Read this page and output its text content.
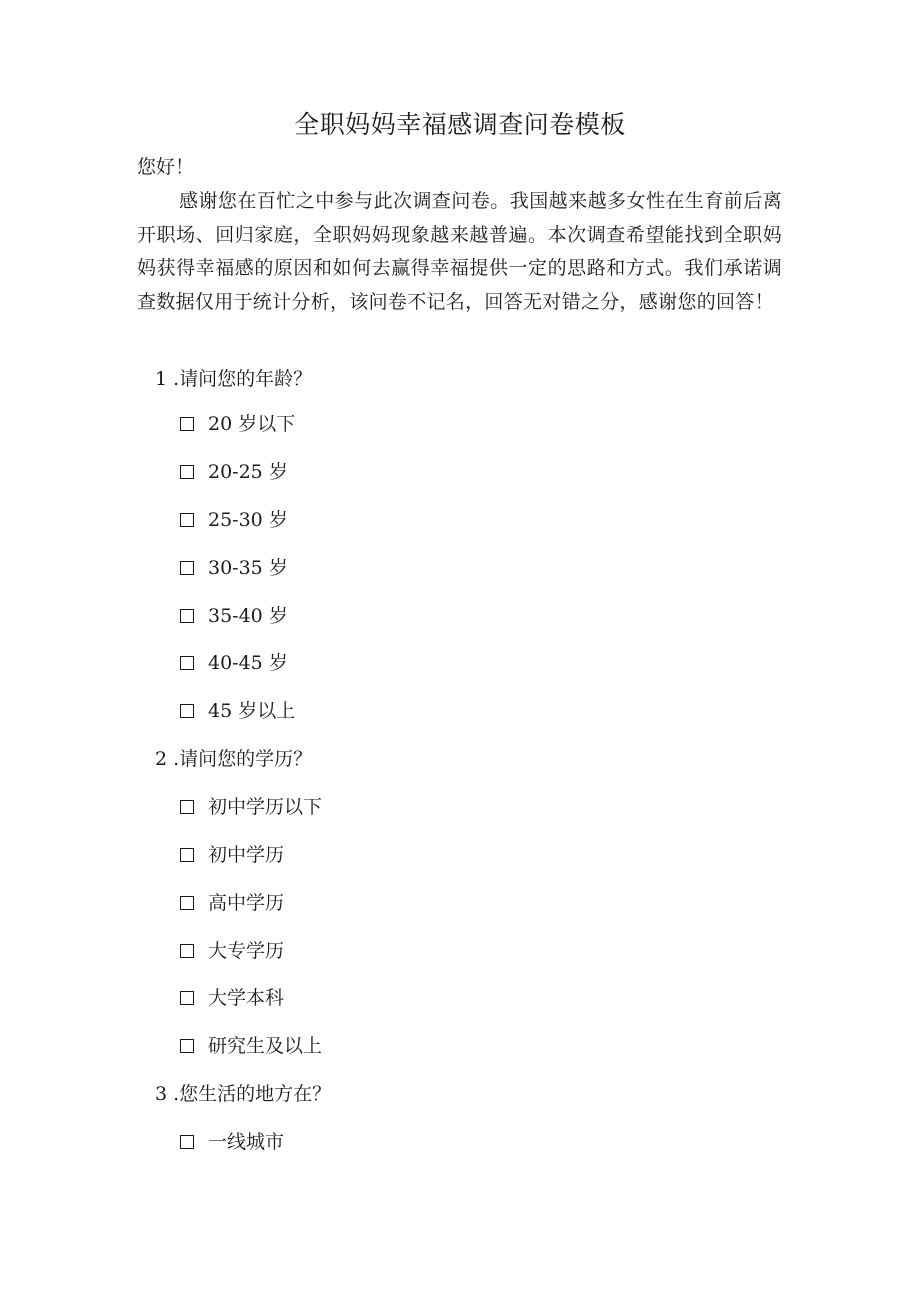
全职妈妈幸福感调查问卷模板
您好！

感谢您在百忙之中参与此次调查问卷。我国越来越多女性在生育前后离开职场、回归家庭，全职妈妈现象越来越普遍。本次调查希望能找到全职妈妈获得幸福感的原因和如何去赢得幸福提供一定的思路和方式。我们承诺调查数据仅用于统计分析，该问卷不记名，回答无对错之分，感谢您的回答！

1 .请问您的年龄？
20 岁以下
20-25 岁
25-30 岁
30-35 岁
35-40 岁
40-45 岁
45 岁以上
2 .请问您的学历？
初中学历以下
初中学历
高中学历
大专学历
大学本科
研究生及以上
3 .您生活的地方在？
一线城市
